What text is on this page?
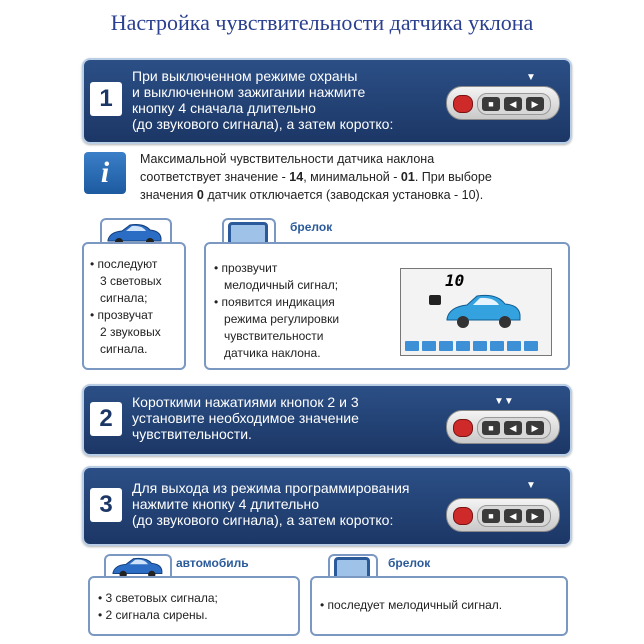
Настройка чувствительности датчика уклона
1
При выключенном режиме охраны
и выключенном зажигании нажмите
кнопку 4 сначала длительно
(до звукового сигнала), а затем коротко:
▼
■	◀	▶
i	Максимальной чувствительности датчика наклона
соответствует значение - 14, минимальной - 01. При выборе
значения 0 датчик отключается (заводская установка - 10).
• последуют
3 световых
сигнала;
• прозвучат
2 звуковых
сигнала.
брелок
• прозвучит
мелодичный сигнал;
• появится индикация
режима регулировки
чувствительности
датчика наклона.
10
2
Короткими нажатиями кнопок 2 и 3
установите необходимое значение
чувствительности.
▼▼
■	◀	▶
3
Для выхода из режима программирования
нажмите кнопку 4 длительно
(до звукового сигнала), а затем коротко:
▼
■	◀	▶
автомобиль
• 3 световых сигнала;
• 2 сигнала сирены.
брелок
• последует мелодичный сигнал.
